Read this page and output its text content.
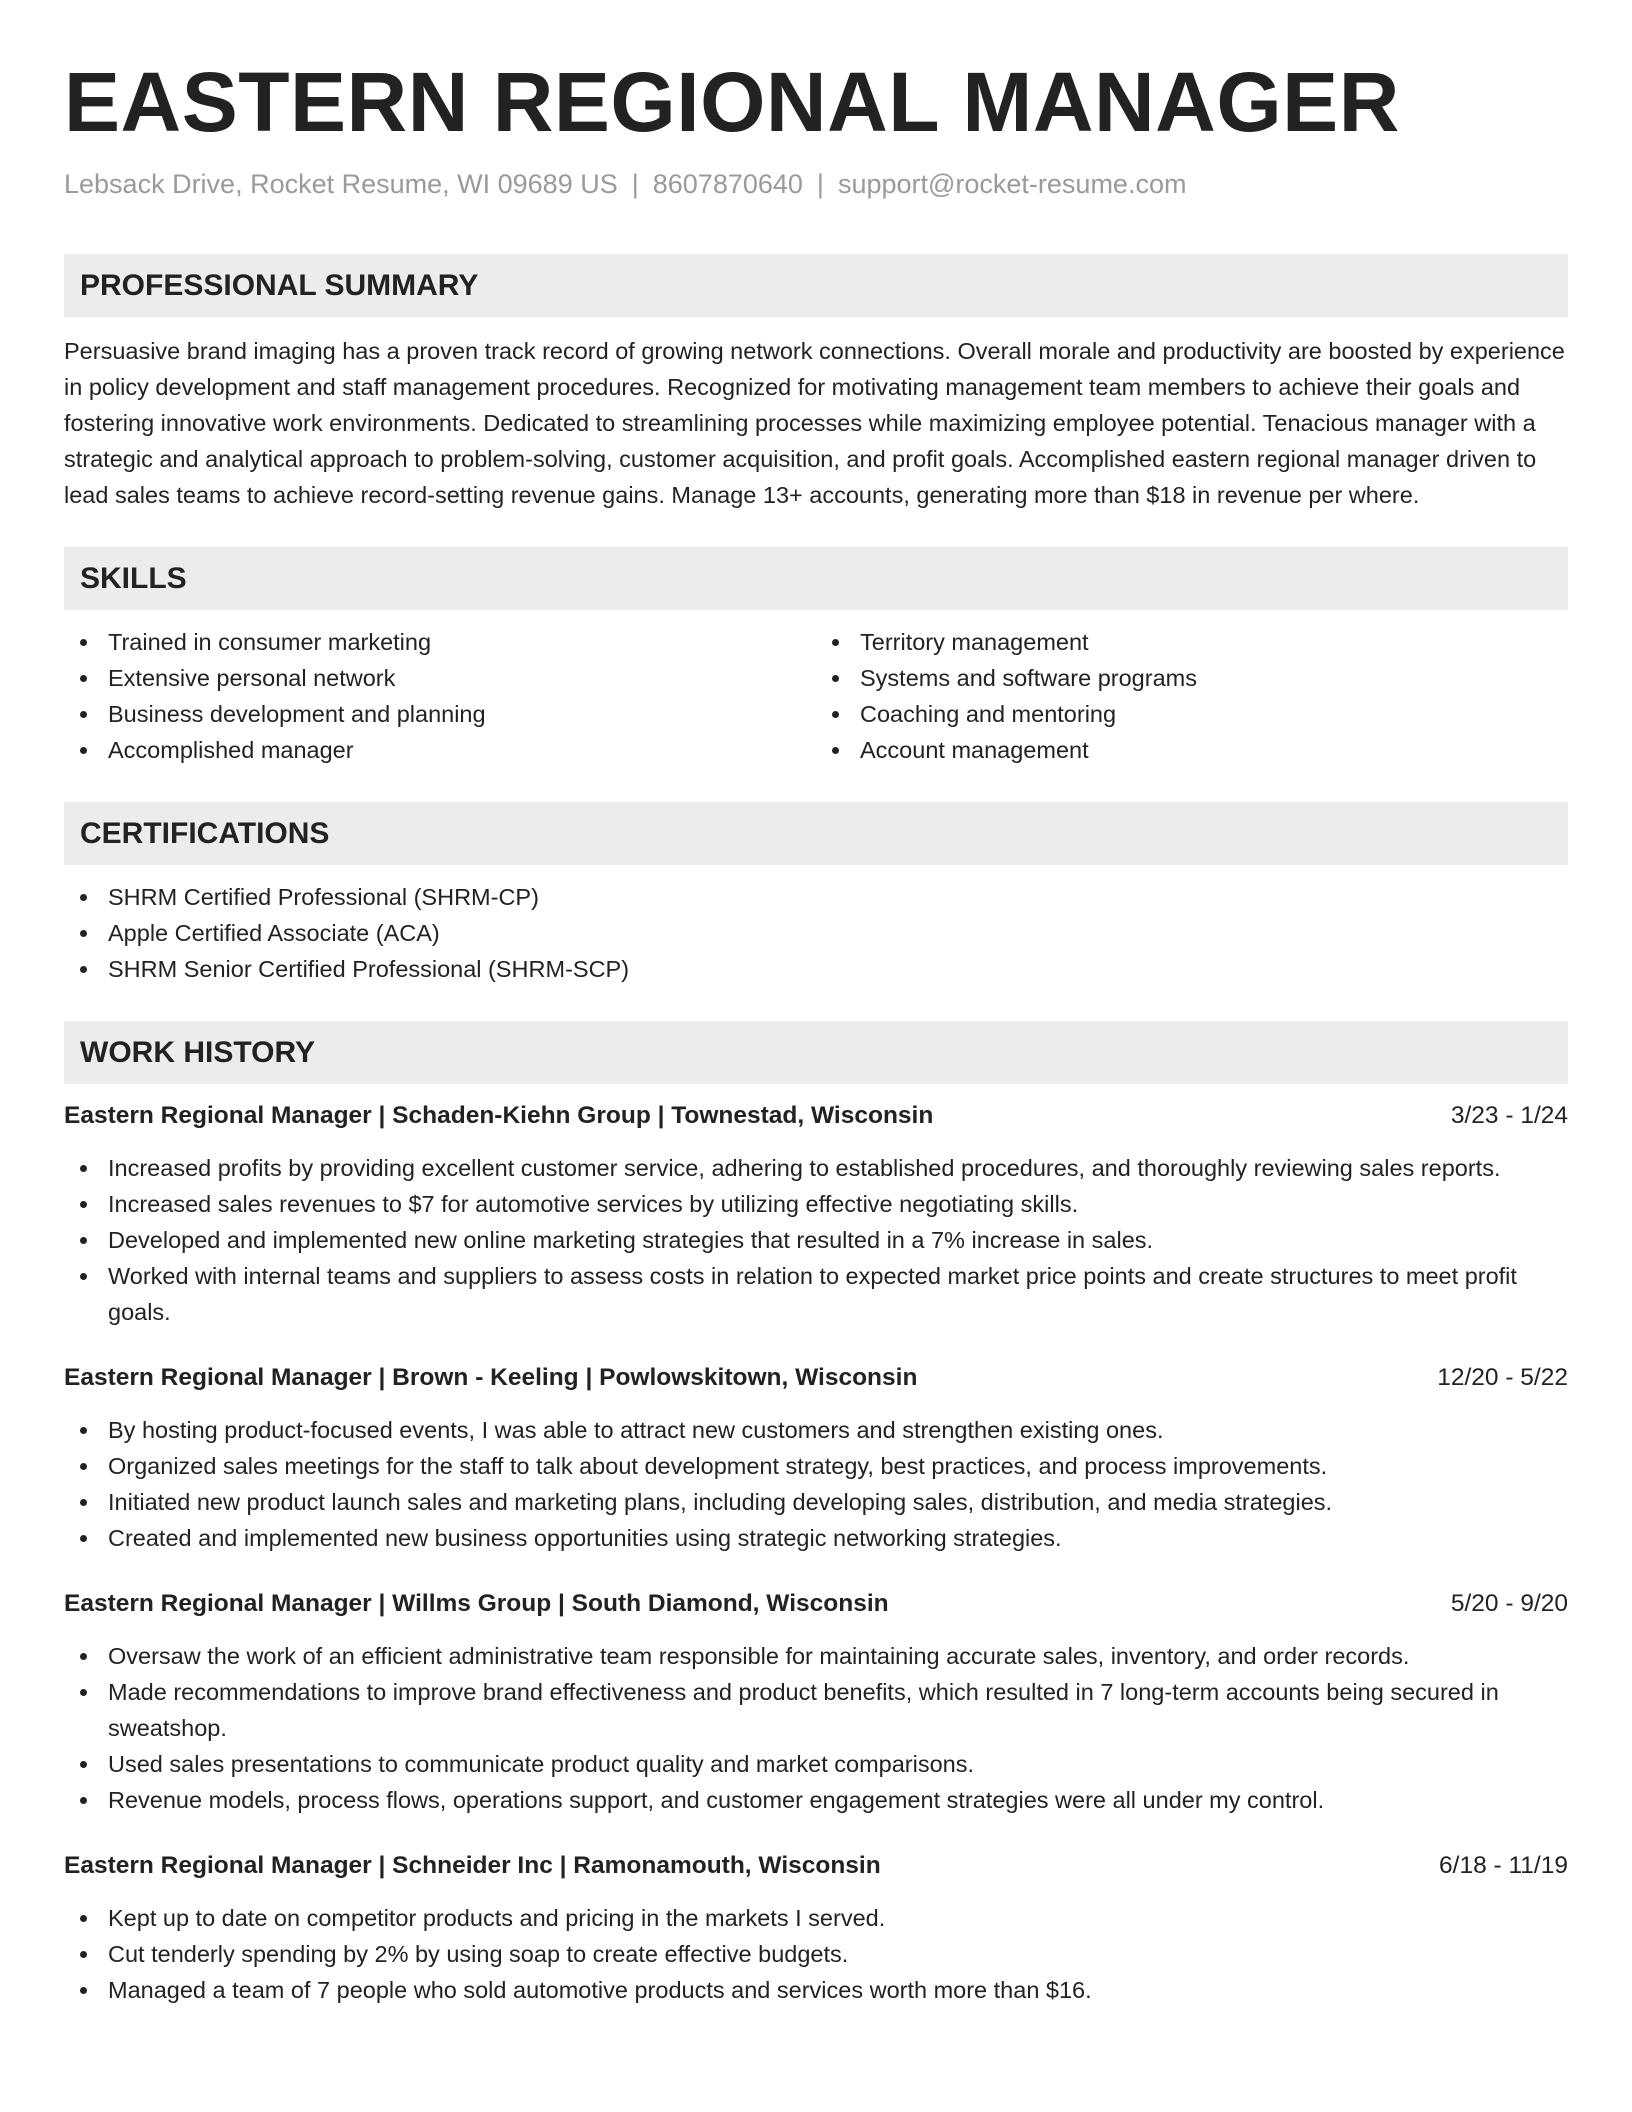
EASTERN REGIONAL MANAGER
Lebsack Drive, Rocket Resume, WI 09689 US | 8607870640 | support@rocket-resume.com
PROFESSIONAL SUMMARY
Persuasive brand imaging has a proven track record of growing network connections. Overall morale and productivity are boosted by experience in policy development and staff management procedures. Recognized for motivating management team members to achieve their goals and fostering innovative work environments. Dedicated to streamlining processes while maximizing employee potential. Tenacious manager with a strategic and analytical approach to problem-solving, customer acquisition, and profit goals. Accomplished eastern regional manager driven to lead sales teams to achieve record-setting revenue gains. Manage 13+ accounts, generating more than $18 in revenue per where.
SKILLS
Trained in consumer marketing
Extensive personal network
Business development and planning
Accomplished manager
Territory management
Systems and software programs
Coaching and mentoring
Account management
CERTIFICATIONS
SHRM Certified Professional (SHRM-CP)
Apple Certified Associate (ACA)
SHRM Senior Certified Professional (SHRM-SCP)
WORK HISTORY
Eastern Regional Manager | Schaden-Kiehn Group | Townestad, Wisconsin	3/23 - 1/24
Increased profits by providing excellent customer service, adhering to established procedures, and thoroughly reviewing sales reports.
Increased sales revenues to $7 for automotive services by utilizing effective negotiating skills.
Developed and implemented new online marketing strategies that resulted in a 7% increase in sales.
Worked with internal teams and suppliers to assess costs in relation to expected market price points and create structures to meet profit goals.
Eastern Regional Manager | Brown - Keeling | Powlowskitown, Wisconsin	12/20 - 5/22
By hosting product-focused events, I was able to attract new customers and strengthen existing ones.
Organized sales meetings for the staff to talk about development strategy, best practices, and process improvements.
Initiated new product launch sales and marketing plans, including developing sales, distribution, and media strategies.
Created and implemented new business opportunities using strategic networking strategies.
Eastern Regional Manager | Willms Group | South Diamond, Wisconsin	5/20 - 9/20
Oversaw the work of an efficient administrative team responsible for maintaining accurate sales, inventory, and order records.
Made recommendations to improve brand effectiveness and product benefits, which resulted in 7 long-term accounts being secured in sweatshop.
Used sales presentations to communicate product quality and market comparisons.
Revenue models, process flows, operations support, and customer engagement strategies were all under my control.
Eastern Regional Manager | Schneider Inc | Ramonamouth, Wisconsin	6/18 - 11/19
Kept up to date on competitor products and pricing in the markets I served.
Cut tenderly spending by 2% by using soap to create effective budgets.
Managed a team of 7 people who sold automotive products and services worth more than $16.
